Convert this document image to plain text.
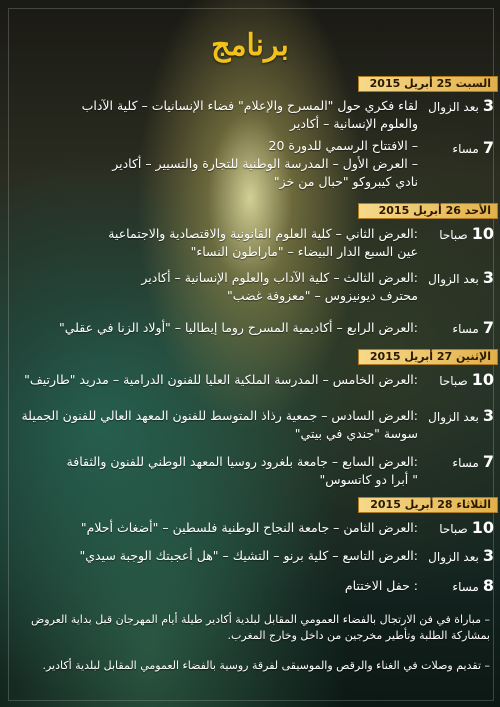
برنامج
السبت 25 أبريل 2015
3بعد الزوال
لقاء فكري حول "المسرح والإعلام" فضاء الإنسانيات – كلية الآداب
والعلوم الإنسانية – أكادير
7مساء
– الافتتاح الرسمي للدورة 20
– العرض الأول – المدرسة الوطنية للتجارة والتسيير – أكادير
نادي كيبروكو "حبال من خز"
الأحد 26 أبريل 2015
10صباحا
:العرض الثاني – كلية العلوم القانونية والاقتصادية والاجتماعية
عين السبع الدار البيضاء – "ماراطون النساء"
3بعد الزوال
:العرض الثالث – كلية الآداب والعلوم الإنسانية – أكادير
محترف ديونيزوس – "معزوفة غضب"
7مساء
:العرض الرابع – أكاديمية المسرح روما إيطاليا – "أولاد الزنا في عقلي"
الإثنين 27 أبريل 2015
10صباحا
:العرض الخامس – المدرسة الملكية العليا للفنون الدرامية – مدريد "طارتيف"
3بعد الزوال
:العرض السادس – جمعية رذاذ المتوسط للفنون المعهد العالي للفنون الجميلة
سوسة "جندي في بيتي"
7مساء
:العرض السابع – جامعة بلغرود روسيا المعهد الوطني للفنون والثقافة
" أبرا دو كاتسوس"
الثلاثاء 28 أبريل 2015
10صباحا
:العرض الثامن – جامعة النجاح الوطنية فلسطين – "أضغاث أحلام"
3بعد الزوال
:العرض التاسع – كلية برنو – التشيك – "هل أعجبتك الوجبة سيدي"
8مساء
: حفل الاختتام
– مباراة في فن الارتجال بالفضاء العمومي المقابل لبلدية أكادير طيلة أيام المهرجان قبل بداية العروض
بمشاركة الطلبة وتأطير مخرجين من داخل وخارج المغرب.
– تقديم وصلات في الغناء والرقص والموسيقى لفرقة روسية بالفضاء العمومي المقابل لبلدية أكادير.
